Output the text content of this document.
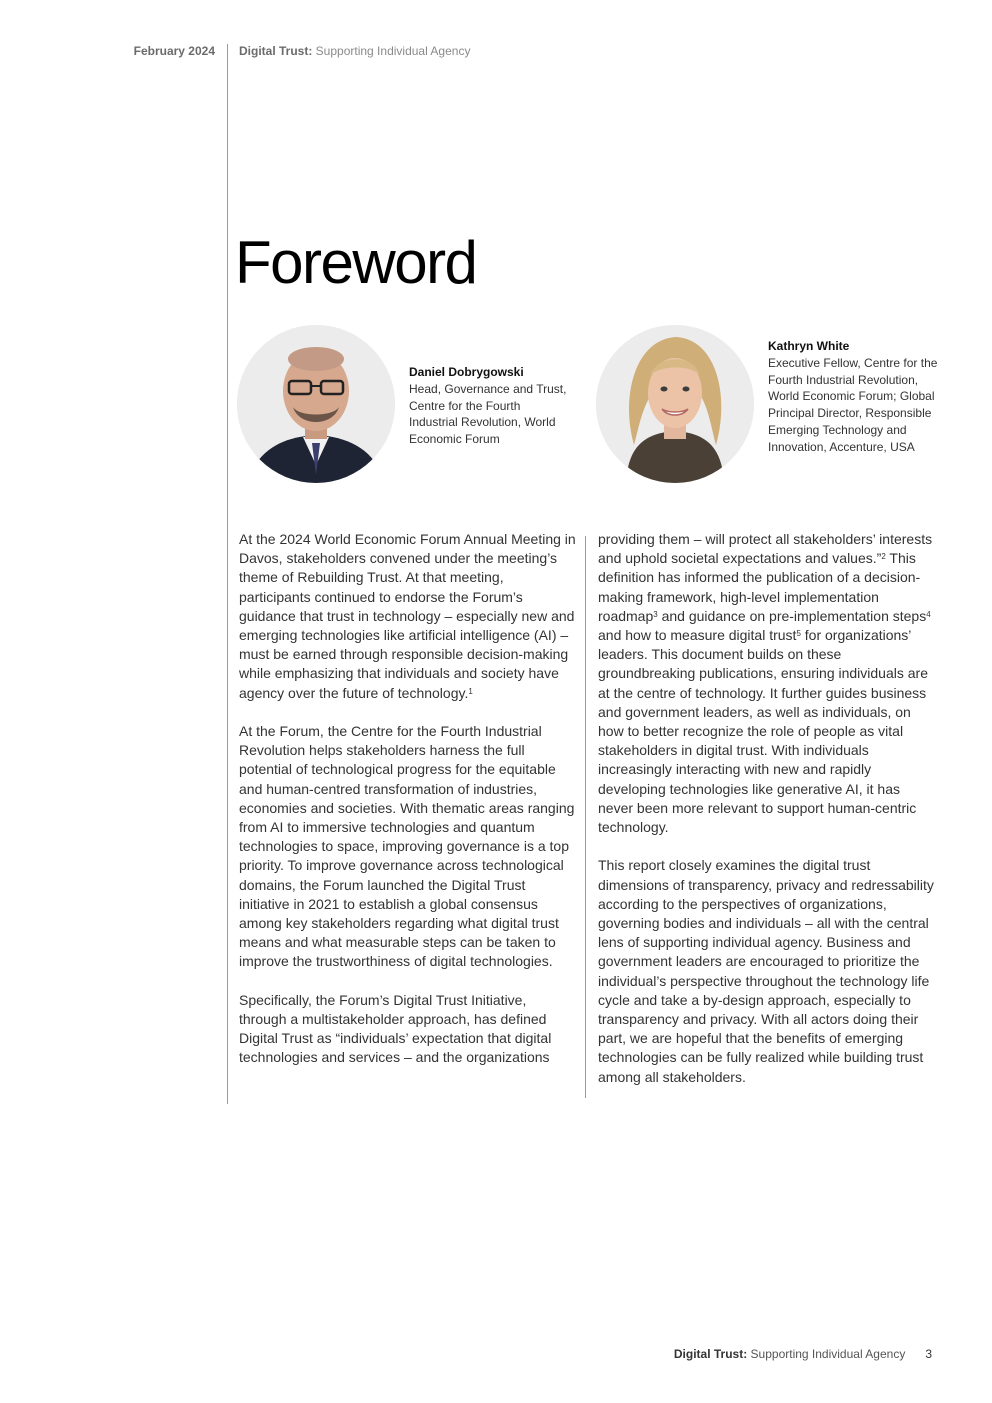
February 2024 Digital Trust: Supporting Individual Agency
Foreword
Daniel Dobrygowski
Head, Governance and Trust, Centre for the Fourth Industrial Revolution, World Economic Forum
Kathryn White
Executive Fellow, Centre for the Fourth Industrial Revolution, World Economic Forum; Global Principal Director, Responsible Emerging Technology and Innovation, Accenture, USA

At the 2024 World Economic Forum Annual Meeting in Davos, stakeholders convened under the meeting’s theme of Rebuilding Trust. At that meeting, participants continued to endorse the Forum’s guidance that trust in technology – especially new and emerging technologies like artificial intelligence (AI) – must be earned through responsible decision-making while emphasizing that individuals and society have agency over the future of technology.$^1$

At the Forum, the Centre for the Fourth Industrial Revolution helps stakeholders harness the full potential of technological progress for the equitable and human-centred transformation of industries, economies and societies. With thematic areas ranging from AI to immersive technologies and quantum technologies to space, improving governance is a top priority. To improve governance across technological domains, the Forum launched the Digital Trust initiative in 2021 to establish a global consensus among key stakeholders regarding what digital trust means and what measurable steps can be taken to improve the trustworthiness of digital technologies.

Specifically, the Forum’s Digital Trust Initiative, through a multistakeholder approach, has defined Digital Trust as “individuals’ expectation that digital technologies and services – and the organizations

providing them – will protect all stakeholders’ interests and uphold societal expectations and values.”$^2$ This definition has informed the publication of a decision-making framework, high-level implementation roadmap$^3$ and guidance on pre-implementation steps$^4$ and how to measure digital trust$^5$ for organizations’ leaders. This document builds on these groundbreaking publications, ensuring individuals are at the centre of technology. It further guides business and government leaders, as well as individuals, on how to better recognize the role of people as vital stakeholders in digital trust. With individuals increasingly interacting with new and rapidly developing technologies like generative AI, it has never been more relevant to support human-centric technology.

This report closely examines the digital trust dimensions of transparency, privacy and redressability according to the perspectives of organizations, governing bodies and individuals – all with the central lens of supporting individual agency. Business and government leaders are encouraged to prioritize the individual’s perspective throughout the technology life cycle and take a by-design approach, especially to transparency and privacy. With all actors doing their part, we are hopeful that the benefits of emerging technologies can be fully realized while building trust among all stakeholders.

Digital Trust: Supporting Individual Agency 3
